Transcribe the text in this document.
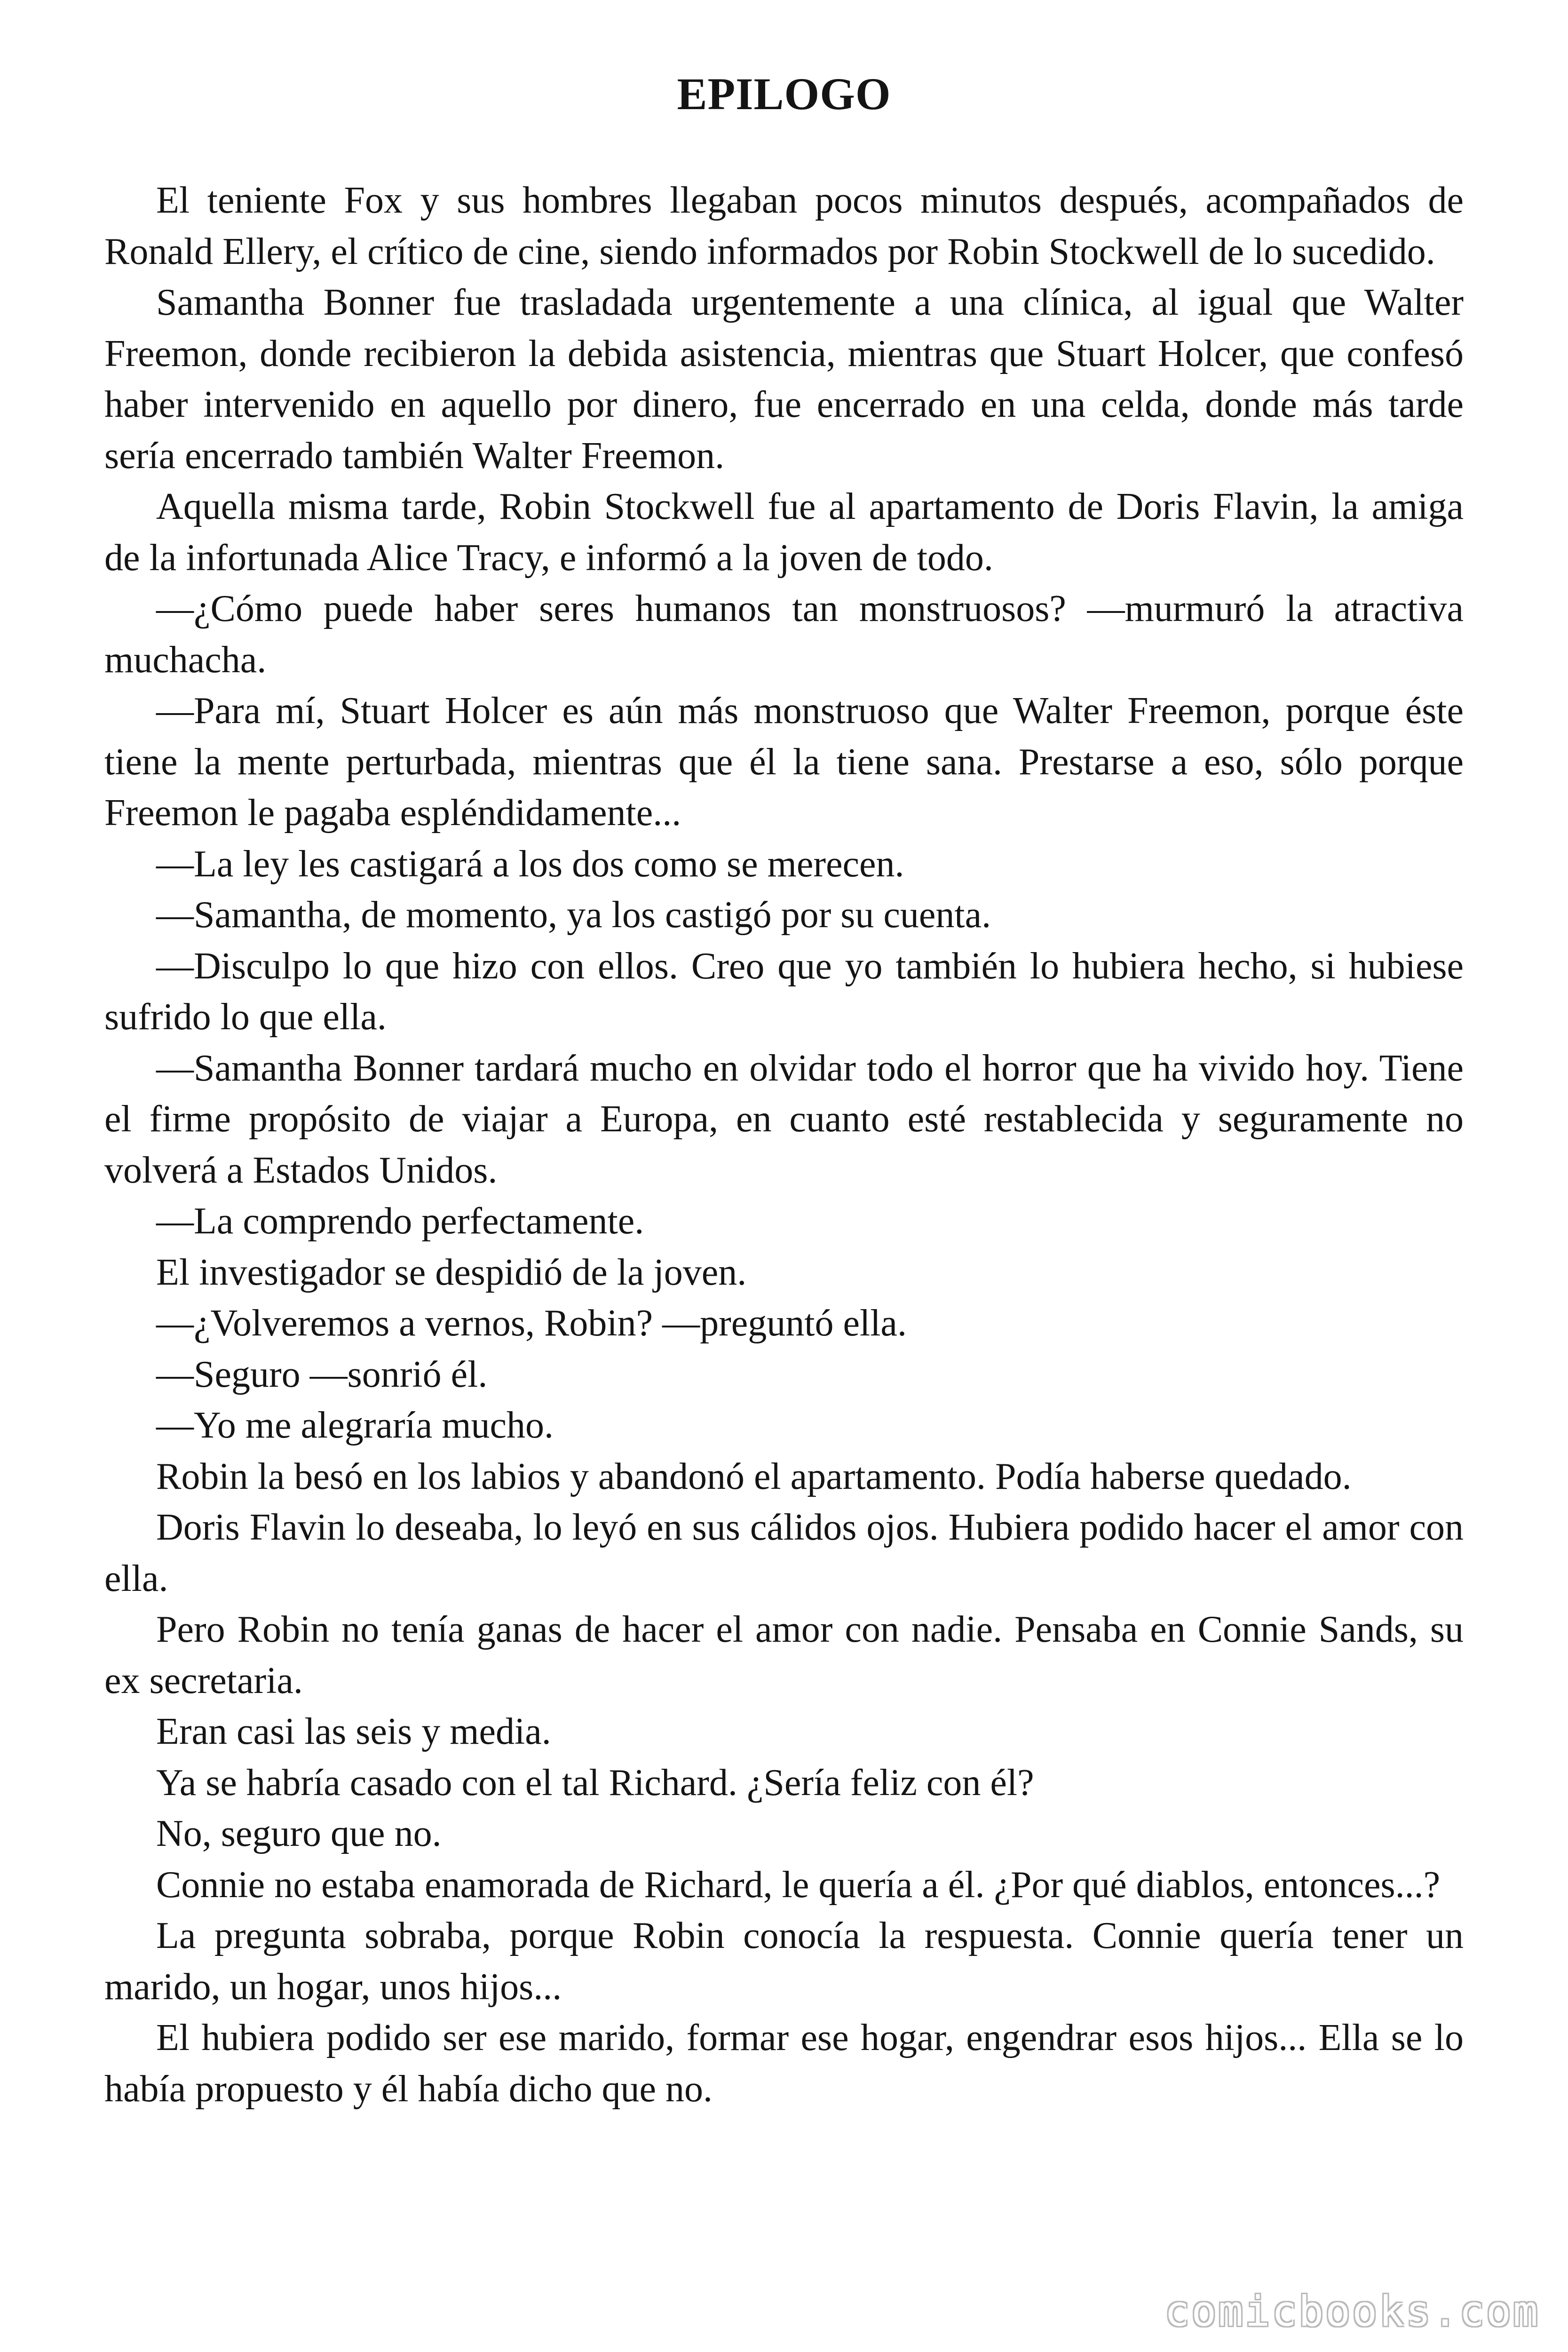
EPILOGO

El teniente Fox y sus hombres llegaban pocos minutos después, acompañados de Ronald Ellery, el crítico de cine, siendo informados por Robin Stockwell de lo sucedido.

Samantha Bonner fue trasladada urgentemente a una clínica, al igual que Walter Freemon, donde recibieron la debida asistencia, mientras que Stuart Holcer, que confesó haber intervenido en aquello por dinero, fue encerrado en una celda, donde más tarde sería encerrado también Walter Freemon.

Aquella misma tarde, Robin Stockwell fue al apartamento de Doris Flavin, la amiga de la infortunada Alice Tracy, e informó a la joven de todo.

—¿Cómo puede haber seres humanos tan monstruosos? —murmuró la atractiva muchacha.

—Para mí, Stuart Holcer es aún más monstruoso que Walter Freemon, porque éste tiene la mente perturbada, mientras que él la tiene sana. Prestarse a eso, sólo porque Freemon le pagaba espléndidamente...

—La ley les castigará a los dos como se merecen.

—Samantha, de momento, ya los castigó por su cuenta.

—Disculpo lo que hizo con ellos. Creo que yo también lo hubiera hecho, si hubiese sufrido lo que ella.

—Samantha Bonner tardará mucho en olvidar todo el horror que ha vivido hoy. Tiene el firme propósito de viajar a Europa, en cuanto esté restablecida y seguramente no volverá a Estados Unidos.

—La comprendo perfectamente.

El investigador se despidió de la joven.

—¿Volveremos a vernos, Robin? —preguntó ella.

—Seguro —sonrió él.

—Yo me alegraría mucho.

Robin la besó en los labios y abandonó el apartamento. Podía haberse quedado.

Doris Flavin lo deseaba, lo leyó en sus cálidos ojos. Hubiera podido hacer el amor con ella.

Pero Robin no tenía ganas de hacer el amor con nadie. Pensaba en Connie Sands, su ex secretaria.

Eran casi las seis y media.

Ya se habría casado con el tal Richard. ¿Sería feliz con él?

No, seguro que no.

Connie no estaba enamorada de Richard, le quería a él. ¿Por qué diablos, entonces...?

La pregunta sobraba, porque Robin conocía la respuesta. Connie quería tener un marido, un hogar, unos hijos...

El hubiera podido ser ese marido, formar ese hogar, engendrar esos hijos... Ella se lo había propuesto y él había dicho que no.

comicbooks.com
